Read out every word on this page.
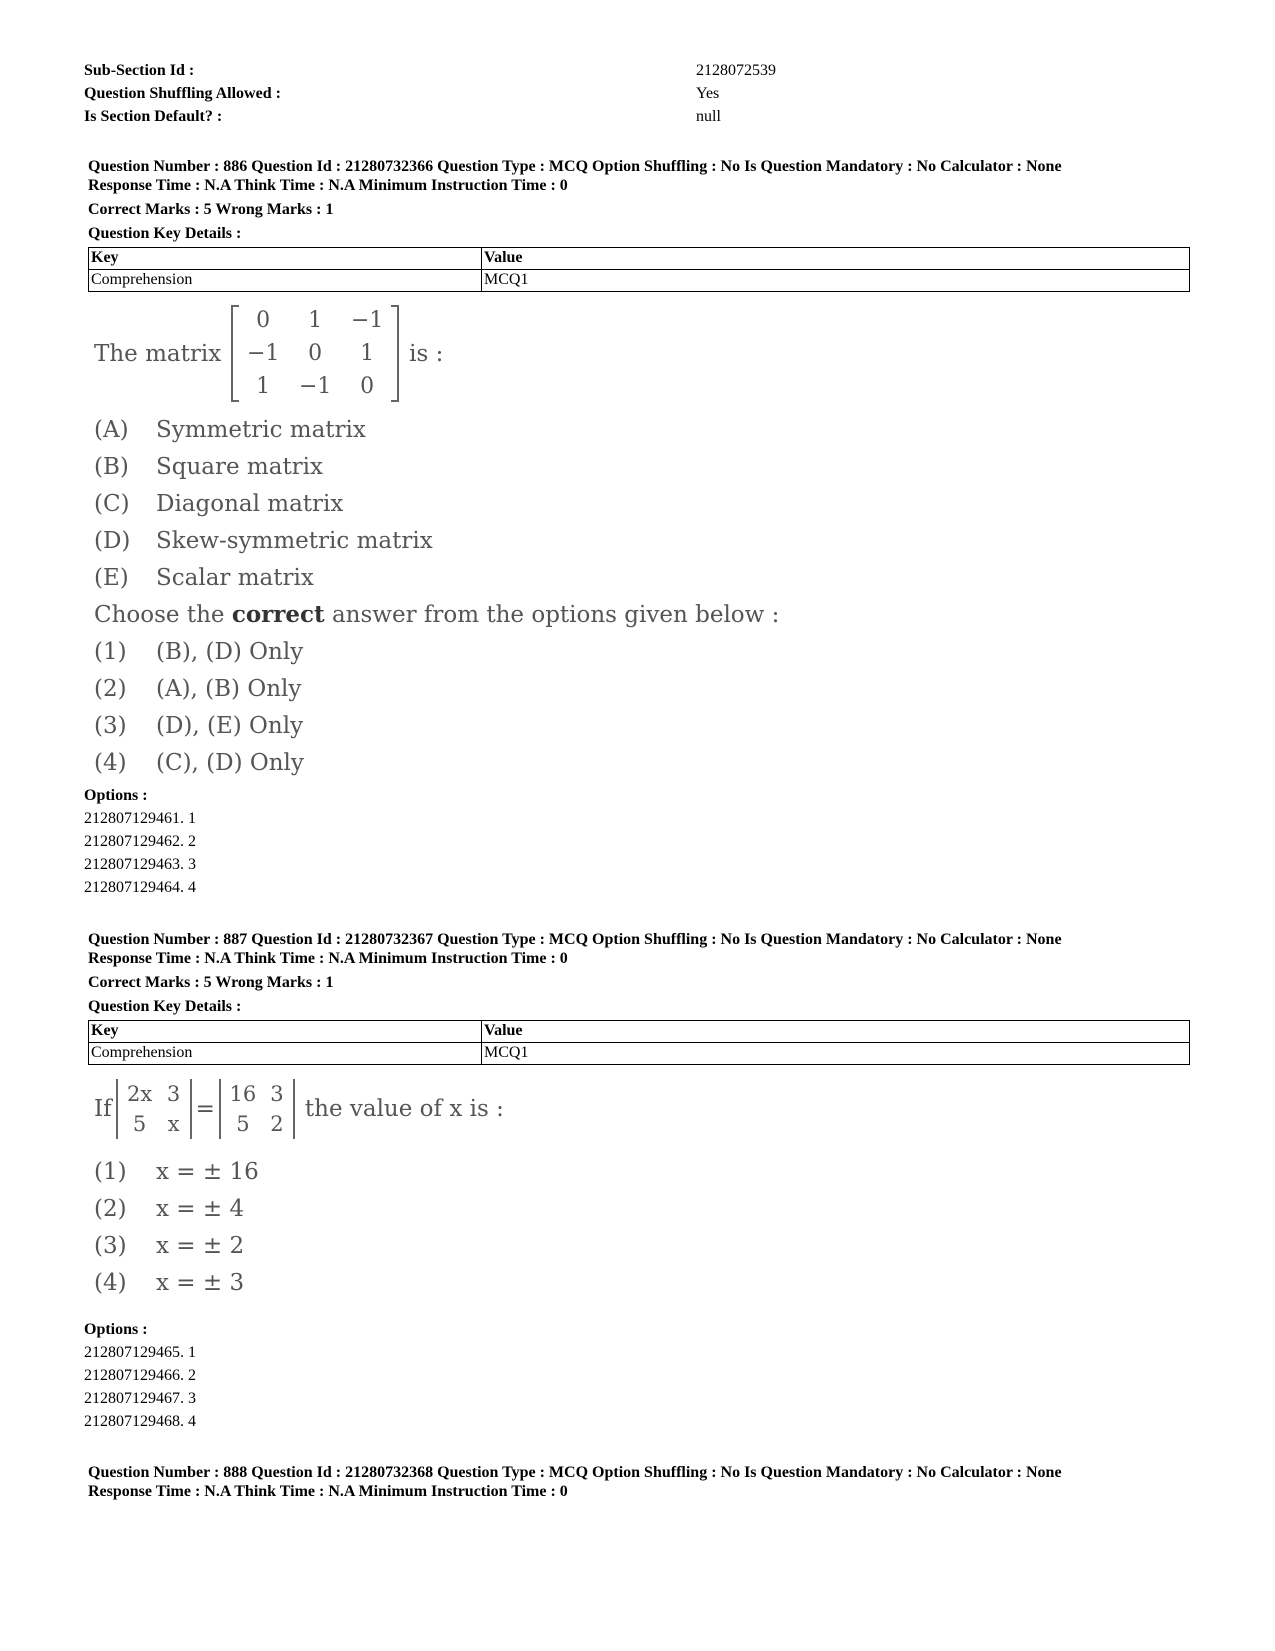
Sub-Section Id :	2128072539
Question Shuffling Allowed :	Yes
Is Section Default? :	null
Question Number : 886 Question Id : 21280732366 Question Type : MCQ Option Shuffling : No Is Question Mandatory : No Calculator : None
Response Time : N.A Think Time : N.A Minimum Instruction Time : 0
Correct Marks : 5 Wrong Marks : 1
Question Key Details :
Key	Value
Comprehension	MCQ1
The matrix
0	1	−1
−1	0	1
1	−1	0
is :
(A)	Symmetric matrix
(B)	Square matrix
(C)	Diagonal matrix
(D)	Skew-symmetric matrix
(E)	Scalar matrix
Choose the
correct
answer from the options given below :
(1)	(B), (D) Only
(2)	(A), (B) Only
(3)	(D), (E) Only
(4)	(C), (D) Only
Options :
212807129461. 1
212807129462. 2
212807129463. 3
212807129464. 4
Question Number : 887 Question Id : 21280732367 Question Type : MCQ Option Shuffling : No Is Question Mandatory : No Calculator : None
Response Time : N.A Think Time : N.A Minimum Instruction Time : 0
Correct Marks : 5 Wrong Marks : 1
Question Key Details :
Key	Value
Comprehension	MCQ1
If
2x 3
5	x
=
16 3
5 2
the value of x is :
(1)	x = ± 16
(2)	x = ± 4
(3)	x = ± 2
(4)	x = ± 3
Options :
212807129465. 1
212807129466. 2
212807129467. 3
212807129468. 4
Question Number : 888 Question Id : 21280732368 Question Type : MCQ Option Shuffling : No Is Question Mandatory : No Calculator : None
Response Time : N.A Think Time : N.A Minimum Instruction Time : 0
